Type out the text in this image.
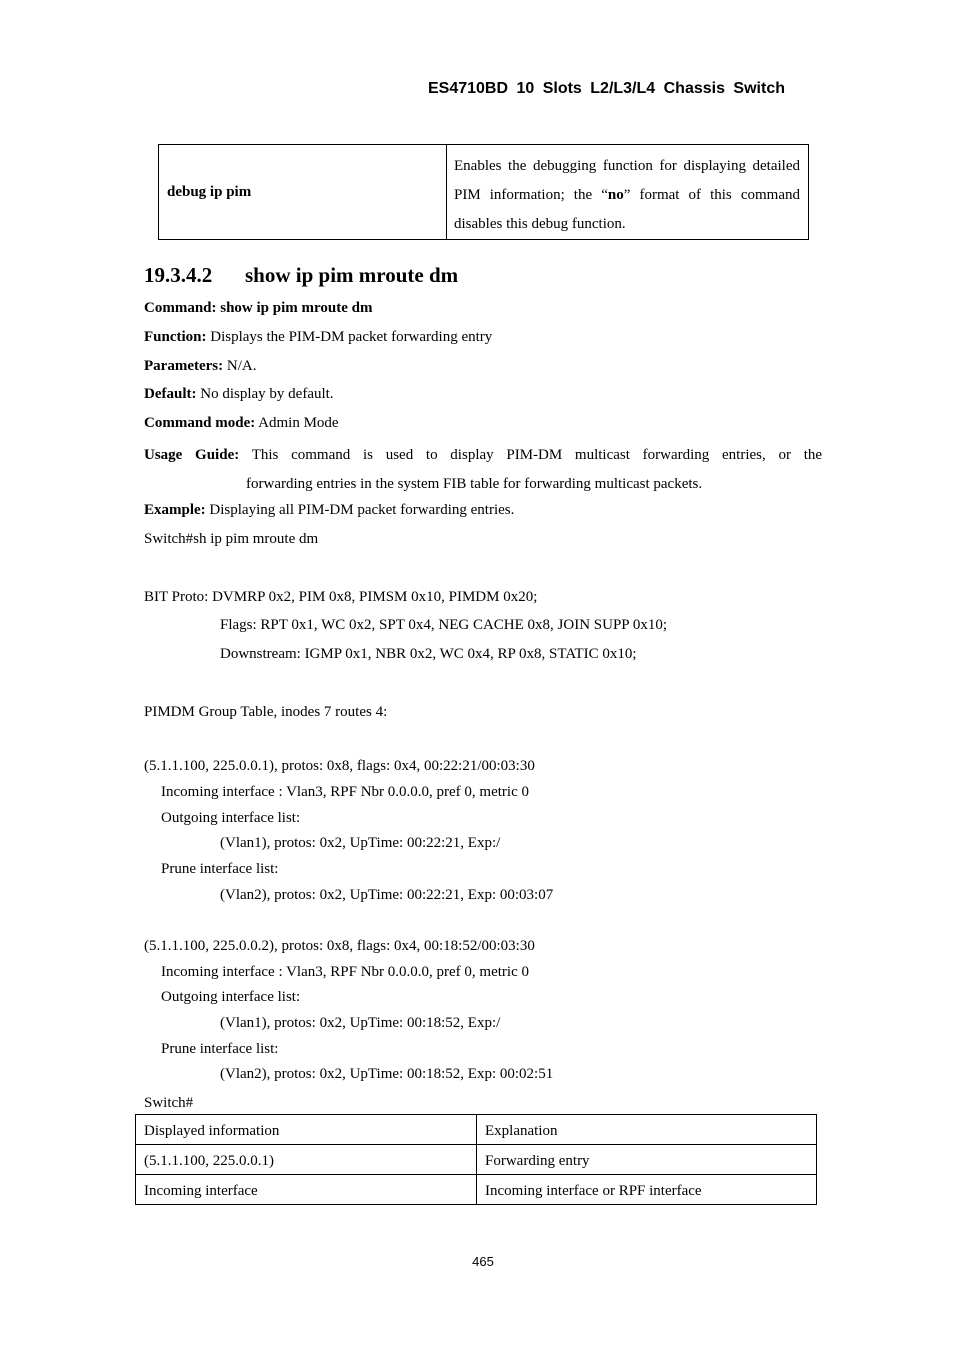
ES4710BD 10 Slots L2/L3/L4 Chassis Switch
debug ip pim	Enables the debugging function for displaying detailed PIM information; the “no” format of this command disables this debug function.
19.3.4.2 show ip pim mroute dm
Command: show ip pim mroute dm
Function: Displays the PIM-DM packet forwarding entry
Parameters: N/A.
Default: No display by default.
Command mode: Admin Mode
Usage Guide: This command is used to display PIM-DM multicast forwarding entries, or the
forwarding entries in the system FIB table for forwarding multicast packets.
Example: Displaying all PIM-DM packet forwarding entries.
Switch#sh ip pim mroute dm
BIT Proto: DVMRP 0x2, PIM 0x8, PIMSM 0x10, PIMDM 0x20;
Flags: RPT 0x1, WC 0x2, SPT 0x4, NEG CACHE 0x8, JOIN SUPP 0x10;
Downstream: IGMP 0x1, NBR 0x2, WC 0x4, RP 0x8, STATIC 0x10;
PIMDM Group Table, inodes 7 routes 4:
(5.1.1.100, 225.0.0.1), protos: 0x8, flags: 0x4, 00:22:21/00:03:30
Incoming interface : Vlan3, RPF Nbr 0.0.0.0, pref 0, metric 0
Outgoing interface list:
(Vlan1), protos: 0x2, UpTime: 00:22:21, Exp:/
Prune interface list:
(Vlan2), protos: 0x2, UpTime: 00:22:21, Exp: 00:03:07
(5.1.1.100, 225.0.0.2), protos: 0x8, flags: 0x4, 00:18:52/00:03:30
Incoming interface : Vlan3, RPF Nbr 0.0.0.0, pref 0, metric 0
Outgoing interface list:
(Vlan1), protos: 0x2, UpTime: 00:18:52, Exp:/
Prune interface list:
(Vlan2), protos: 0x2, UpTime: 00:18:52, Exp: 00:02:51
Switch#
Displayed information	Explanation
(5.1.1.100, 225.0.0.1)	Forwarding entry
Incoming interface	Incoming interface or RPF interface
465
